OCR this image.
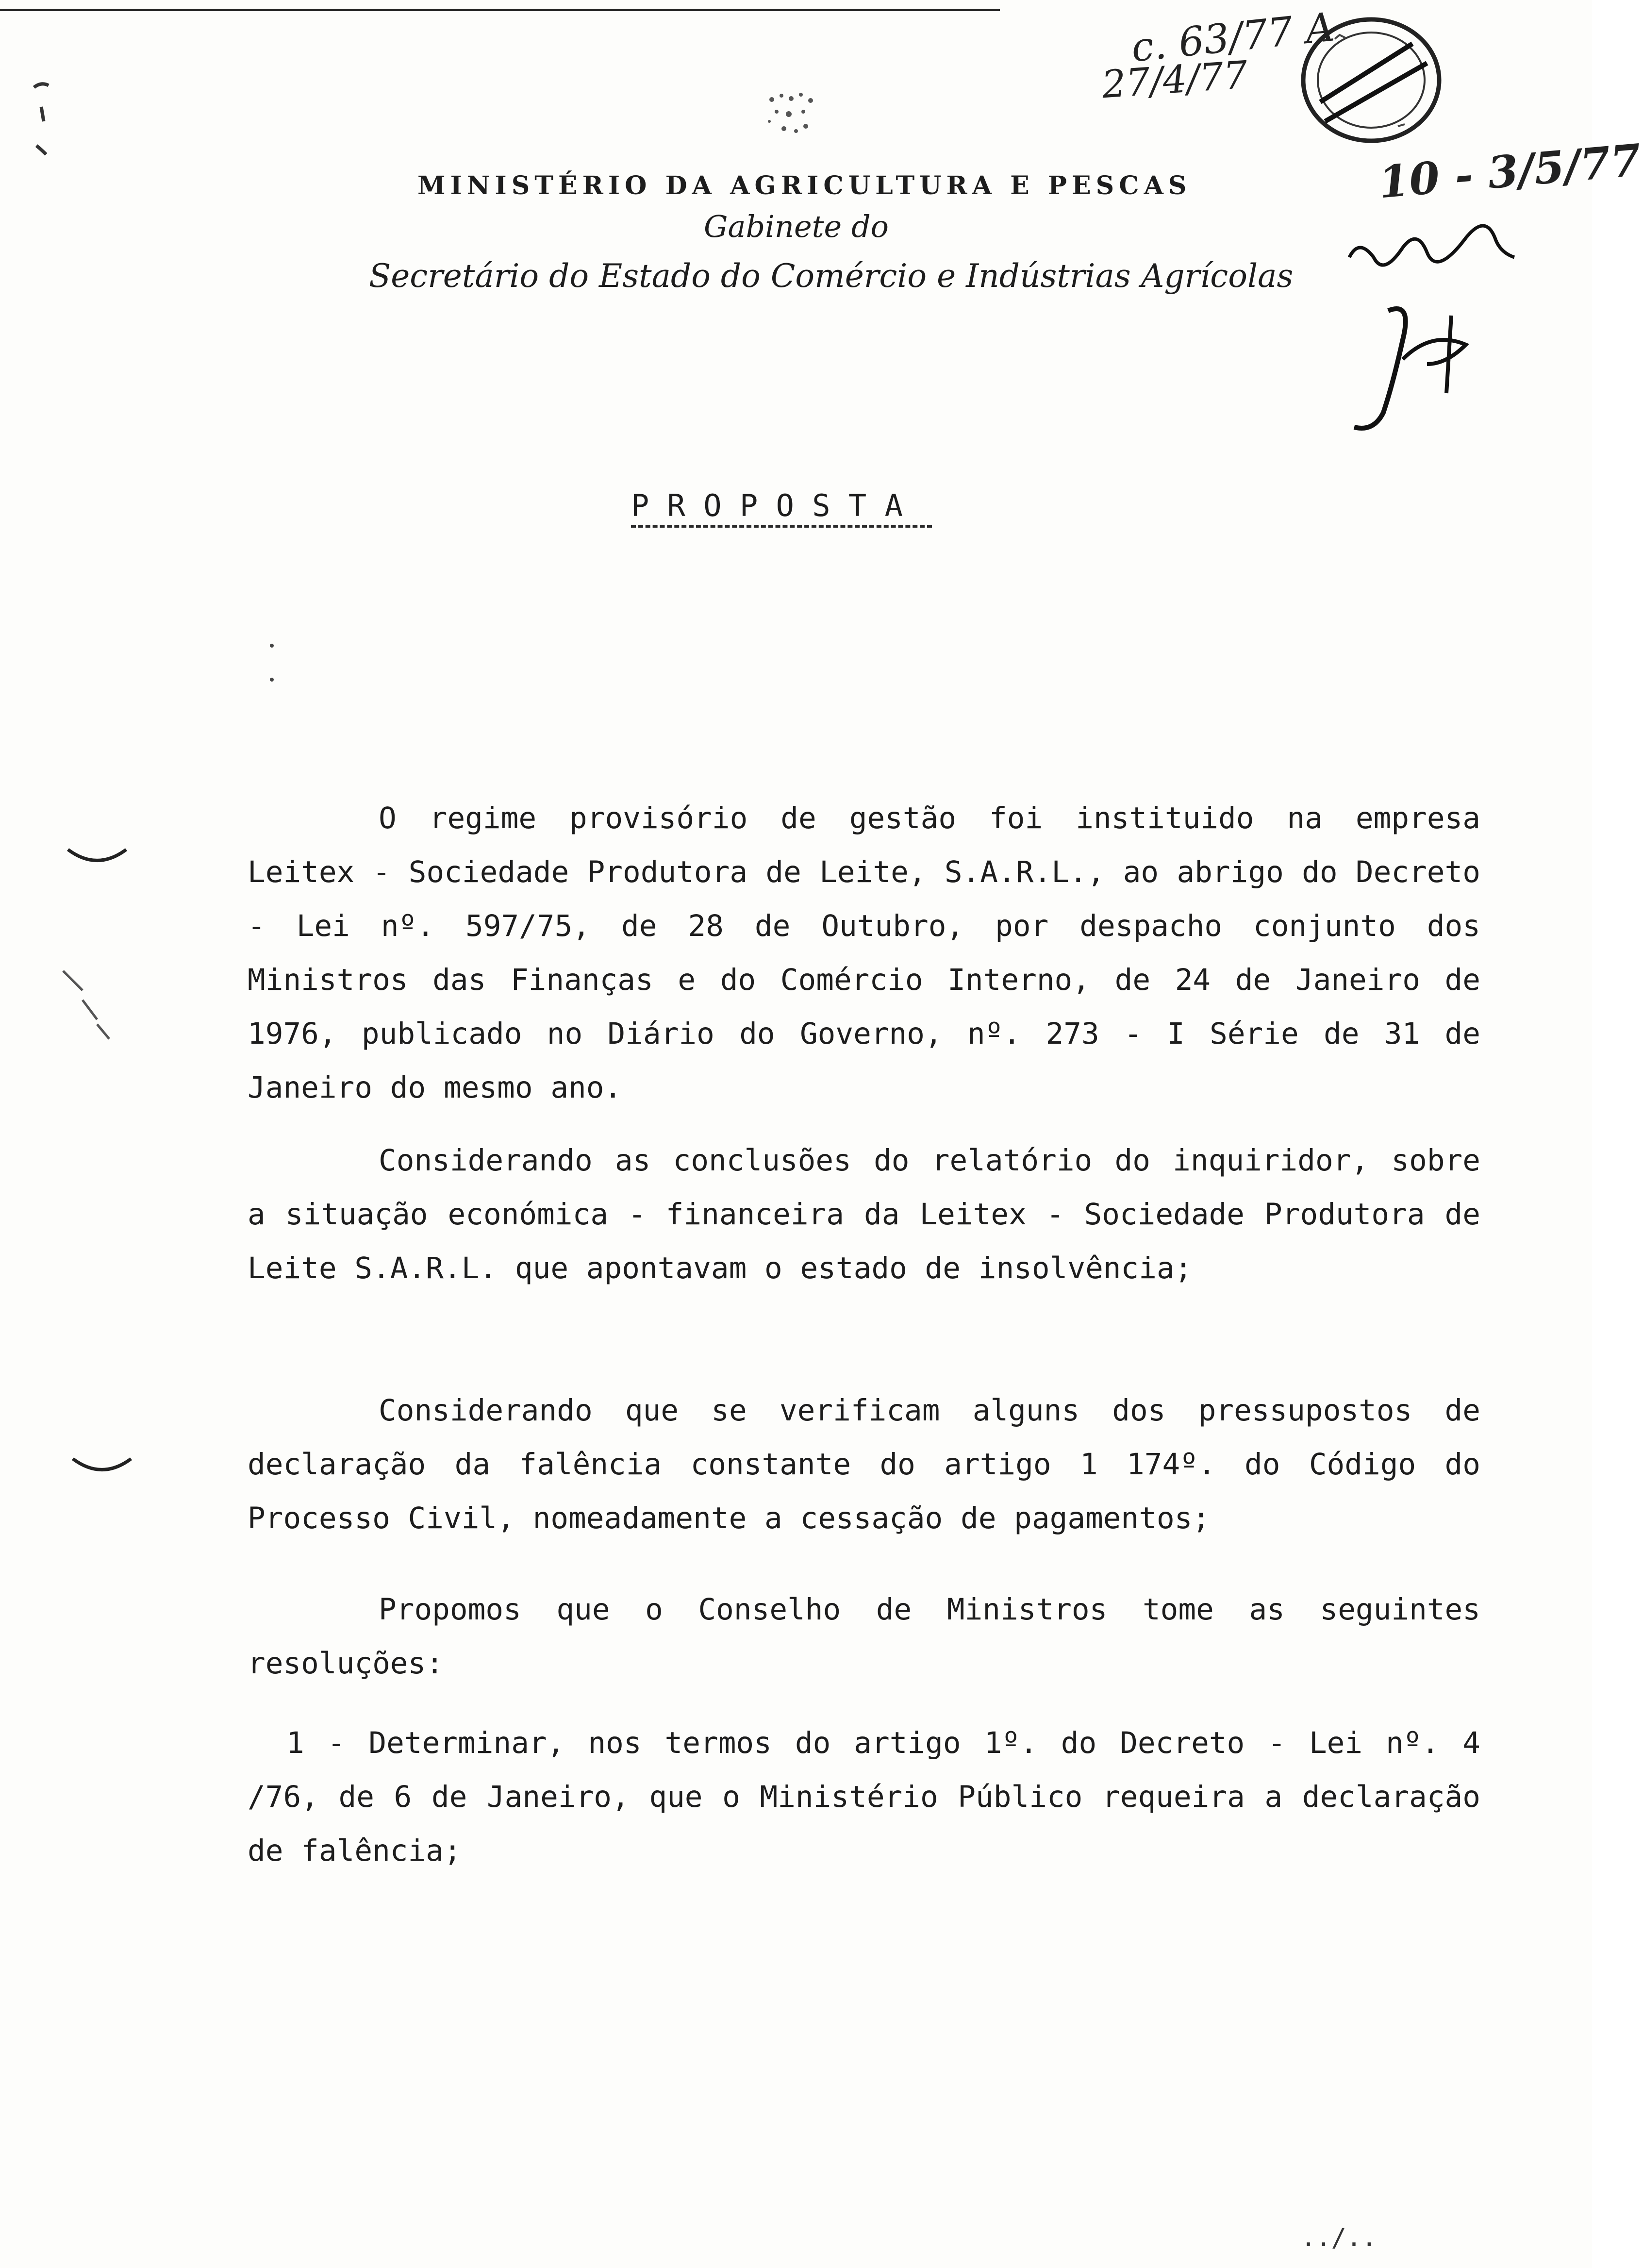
MINISTÉRIO DA AGRICULTURA E PESCAS
Gabinete do
Secretário do Estado do Comércio e Indústrias Agrícolas
c. 63/77 A
27/4/77
10 - 3/5/77
P R O P O S T A

O regime provisório de gestão foi instituido na empresa Leitex - Sociedade Produtora de Leite, S.A.R.L., ao abrigo do Decreto - Lei nº. 597/75, de 28 de Outubro, por despacho conjunto dos Ministros das Finanças e do Comércio Interno, de 24 de Janeiro de 1976, publicado no Diário do Governo, nº. 273 - I Série de 31 de Janeiro do mesmo ano.

Considerando as conclusões do relatório do inquiridor, sobre a situação económica - financeira da Leitex - Sociedade Produtora de Leite S.A.R.L. que apontavam o estado de insolvência;

Considerando que se verificam alguns dos pressupostos de declaração da falência constante do artigo 1 174º. do Código do Processo Civil, nomeadamente a cessação de pagamentos;

Propomos que o Conselho de Ministros tome as seguintes resoluções:

1 - Determinar, nos termos do artigo 1º. do Decreto - Lei nº. 4 /76, de 6 de Janeiro, que o Ministério Público requeira a declaração de falência;

../..
